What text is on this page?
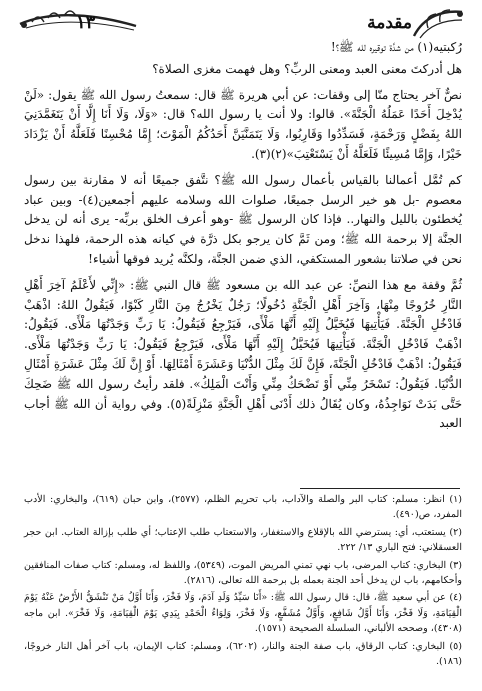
١٣	مقدمة

رُكبتيه(١) من شدَّة توقيره لله ﷺ؟!

هل أدركتَ معنى العبد ومعنى الربِّ؟ وهل فهمت مغزى الصلاة؟

نصٌّ آخر يحتاج منّا إلى وقفات: عن أبي هريرة ﷺ قال: سمعتُ رسول الله ﷺ يقول: «لَنْ يُدْخِلَ أَحَدًا عَمَلُهُ الْجَنَّةَ». قالوا: ولا أنت يا رسول الله؟ قال: «وَلَا، وَلَا أَنَا إِلَّا أَنْ يَتَغَمَّدَنِيَ اللهُ بِفَضْلٍ وَرَحْمَةٍ، فَسَدِّدُوا وَقَارِبُوا، وَلَا يَتَمَنَّيَنَّ أَحَدُكُمُ الْمَوْتَ؛ إِمَّا مُحْسِنًا فَلَعَلَّهُ أَنْ يَزْدَادَ خَيْرًا، وَإِمَّا مُسِيئًا فَلَعَلَّهُ أَنْ يَسْتَعْتِبَ»(٢)(٣).

كم تُمَّل أعمالنا بالقياس بأعمال رسول الله ﷺ؟ نتَّفق جميعًا أنه لا مقارنة بين رسول معصوم -بل هو خير الرسل جميعًا، صلوات الله وسلامه عليهم أجمعين(٤)- وبين عباد يُخطئون بالليل والنهار.. فإذا كان الرسول ﷺ -وهو أعرف الخلق بربِّه- يرى أنه لن يدخل الجنَّة إلا برحمة الله ﷺ؛ ومن ثَمَّ كان يرجو بكل ذرَّة في كيانه هذه الرحمة، فلهذا ندخل نحن في صلاتنا بشعور المستكفي، الذي ضمن الجنَّة، ولكنَّه يُريد فوقها أشياء!

ثُمَّ وقفة مع هذا النصِّ: عن عبد الله بن مسعود ﷺ قال النبي ﷺ: «إِنِّي لأَعْلَمُ آخِرَ أَهْلِ النَّارِ خُرُوجًا مِنْهَا، وَآخِرَ أَهْلِ الْجَنَّةِ دُخُولًا؛ رَجُلٌ يَخْرُجُ مِنَ النَّارِ كَبْوًا، فَيَقُولُ اللهُ: اذْهَبْ فَادْخُلِ الْجَنَّةَ. فَيَأْتِيهَا فَيُخَيَّلُ إِلَيْهِ أَنَّهَا مَلْأَى، فَيَرْجِعُ فَيَقُولُ: يَا رَبِّ وَجَدْتُهَا مَلْأَى. فَيَقُولُ: اذْهَبْ فَادْخُلِ الْجَنَّةَ. فَيَأْتِيهَا فَيُخَيَّلُ إِلَيْهِ أَنَّهَا مَلْأَى، فَيَرْجِعُ فَيَقُولُ: يَا رَبِّ وَجَدْتُهَا مَلْأَى. فَيَقُولُ: اذْهَبْ فَادْخُلِ الْجَنَّةَ، فَإِنَّ لَكَ مِثْلَ الدُّنْيَا وَعَشَرَةَ أَمْثَالِهَا. أَوْ إِنَّ لَكَ مِثْلَ عَشَرَةِ أَمْثَالِ الدُّنْيَا. فَيَقُولُ: تَسْخَرُ مِنِّي أَوْ تَضْحَكُ مِنِّي وَأَنْتَ الْمَلِكُ». فلقد رأيتُ رسول الله ﷺ ضَحِكَ حَتَّى بَدَتْ نَوَاجِذُهُ، وكان يُقَالُ ذلك أَدْنَى أَهْلِ الْجَنَّةِ مَنْزِلَةً(٥). وفي رواية أن الله ﷺ أجاب العبد

(١) انظر: مسلم: كتاب البر والصلة والآداب، باب تحريم الظلم، (٢٥٧٧)، وابن حبان (٦١٩)، والبخاري: الأدب المفرد، ص(٤٩٠).

(٢) يستعتب، أي: يسترضي الله بالإقلاع والاستغفار، والاستعتاب طلب الإعتاب؛ أي طلب بإزالة العتاب. ابن حجر العسقلاني: فتح الباري ١٣/ ٢٢٢.

(٣) البخاري: كتاب المرضى، باب نهي تمني المريض الموت، (٥٣٤٩)، واللفظ له، ومسلم: كتاب صفات المنافقين وأحكامهم، باب لن يدخل أحد الجنة بعمله بل برحمة الله تعالى، (٢٨١٦).

(٤) عن أبي سعيد ﷺ، قال: قال رسول الله ﷺ: «أَنَا سَيِّدُ وَلَدِ آدَمَ، وَلَا فَخْرَ، وَأَنَا أَوَّلُ مَنْ تَنْشَقُّ الأَرْضُ عَنْهُ يَوْمَ الْقِيَامَةِ، وَلَا فَخْرَ، وَأَنَا أَوَّلُ شَافِعٍ، وَأَوَّلُ مُشَفَّعٍ، وَلَا فَخْرَ، وَلِوَاءُ الْحَمْدِ بِيَدِي يَوْمَ الْقِيَامَةِ، وَلَا فَخْرَ». ابن ماجه (٤٣٠٨)، وصححه الألباني، السلسلة الصحيحة (١٥٧١).

(٥) البخاري: كتاب الرقاق، باب صفة الجنة والنار، (٦٢٠٢)، ومسلم: كتاب الإيمان، باب آخر أهل النار خروجًا، (١٨٦).
